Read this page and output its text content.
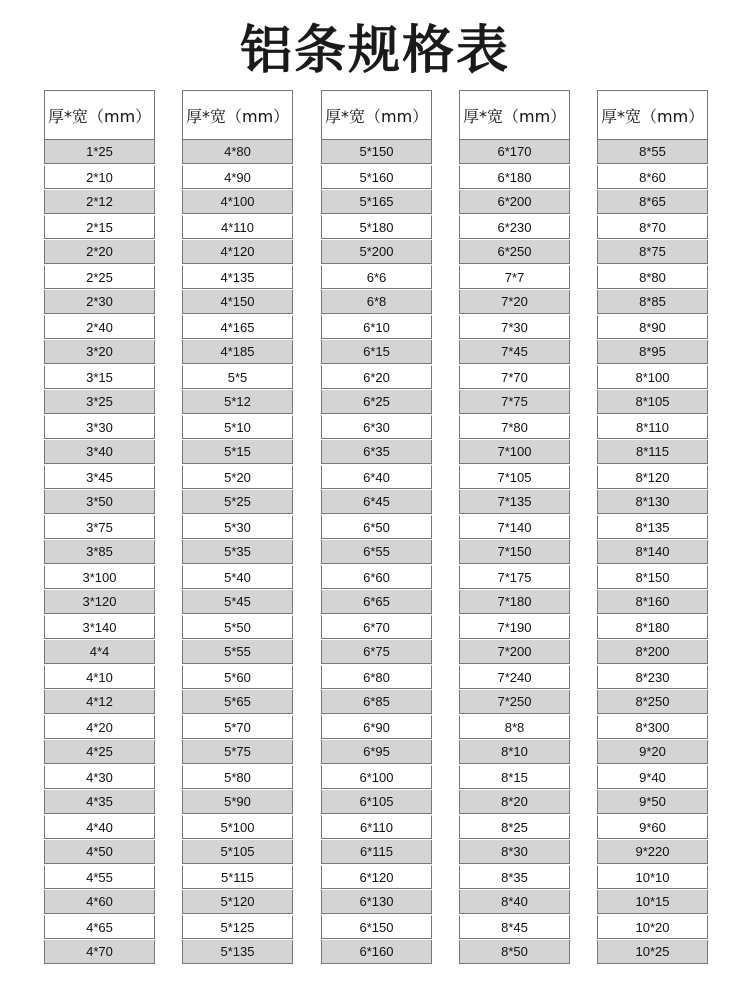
铝条规格表
厚*宽（mm）
1*25
2*10
2*12
2*15
2*20
2*25
2*30
2*40
3*20
3*15
3*25
3*30
3*40
3*45
3*50
3*75
3*85
3*100
3*120
3*140
4*4
4*10
4*12
4*20
4*25
4*30
4*35
4*40
4*50
4*55
4*60
4*65
4*70
厚*宽（mm）
4*80
4*90
4*100
4*110
4*120
4*135
4*150
4*165
4*185
5*5
5*12
5*10
5*15
5*20
5*25
5*30
5*35
5*40
5*45
5*50
5*55
5*60
5*65
5*70
5*75
5*80
5*90
5*100
5*105
5*115
5*120
5*125
5*135
厚*宽（mm）
5*150
5*160
5*165
5*180
5*200
6*6
6*8
6*10
6*15
6*20
6*25
6*30
6*35
6*40
6*45
6*50
6*55
6*60
6*65
6*70
6*75
6*80
6*85
6*90
6*95
6*100
6*105
6*110
6*115
6*120
6*130
6*150
6*160
厚*宽（mm）
6*170
6*180
6*200
6*230
6*250
7*7
7*20
7*30
7*45
7*70
7*75
7*80
7*100
7*105
7*135
7*140
7*150
7*175
7*180
7*190
7*200
7*240
7*250
8*8
8*10
8*15
8*20
8*25
8*30
8*35
8*40
8*45
8*50
厚*宽（mm）
8*55
8*60
8*65
8*70
8*75
8*80
8*85
8*90
8*95
8*100
8*105
8*110
8*115
8*120
8*130
8*135
8*140
8*150
8*160
8*180
8*200
8*230
8*250
8*300
9*20
9*40
9*50
9*60
9*220
10*10
10*15
10*20
10*25
